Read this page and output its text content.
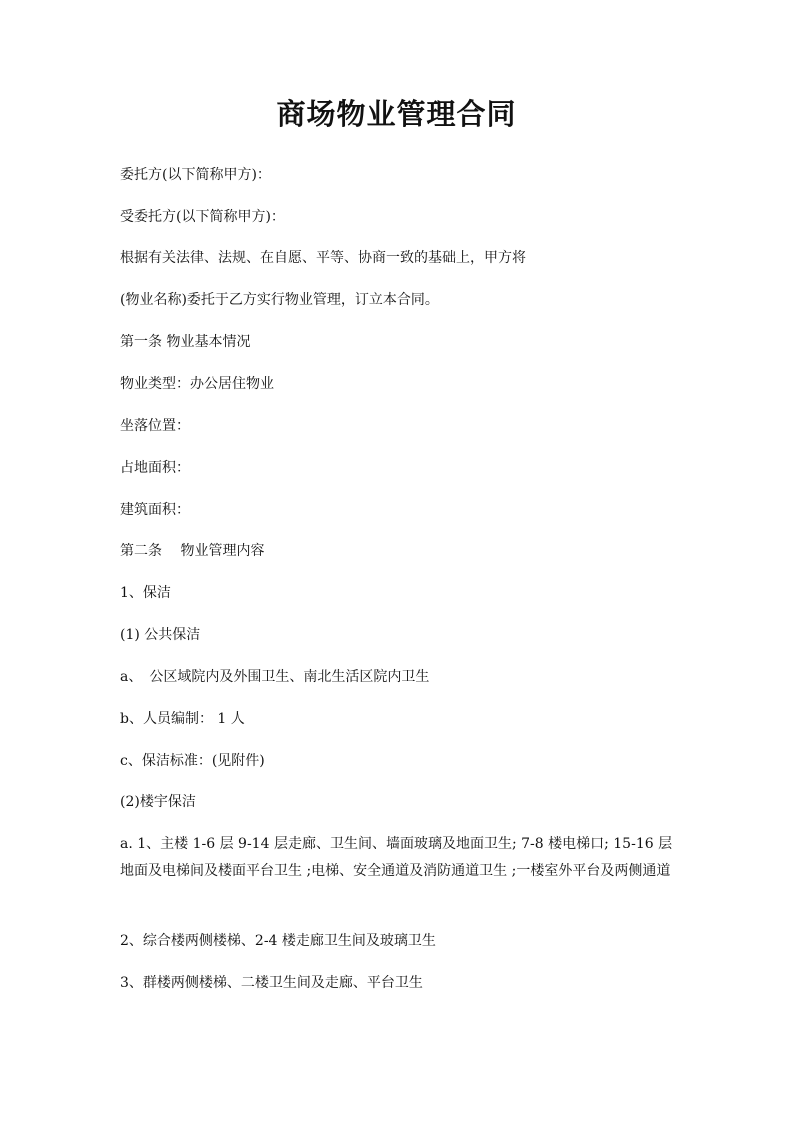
商场物业管理合同
委托方(以下简称甲方)：
受委托方(以下简称甲方)：
根据有关法律、法规、在自愿、平等、协商一致的基础上，甲方将
(物业名称)委托于乙方实行物业管理，订立本合同。
第一条 物业基本情况
物业类型：办公居住物业
坐落位置：
占地面积：
建筑面积：
第二条　 物业管理内容
1、保洁
(1) 公共保洁
a、　公区域院内及外围卫生、南北生活区院内卫生
b、人员编制： 1 人
c、保洁标准：(见附件)
(2)楼宇保洁
a. 1、主楼 1-6 层 9-14 层走廊、卫生间、墙面玻璃及地面卫生; 7-8 楼电梯口; 15-16 层 地面及电梯间及楼面平台卫生 ;电梯、安全通道及消防通道卫生 ;一楼室外平台及两侧通道
2、综合楼两侧楼梯、2-4 楼走廊卫生间及玻璃卫生
3、群楼两侧楼梯、二楼卫生间及走廊、平台卫生
